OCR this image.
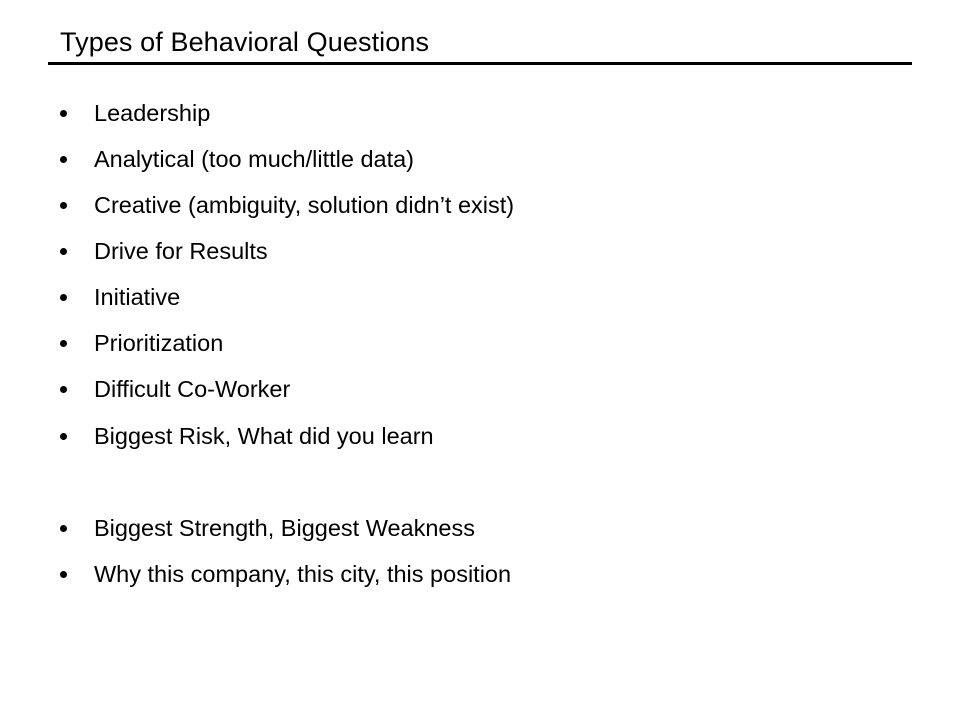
Types of Behavioral Questions
Leadership
Analytical (too much/little data)
Creative (ambiguity, solution didn’t exist)
Drive for Results
Initiative
Prioritization
Difficult Co-Worker
Biggest Risk, What did you learn
Biggest Strength, Biggest Weakness
Why this company, this city, this position
